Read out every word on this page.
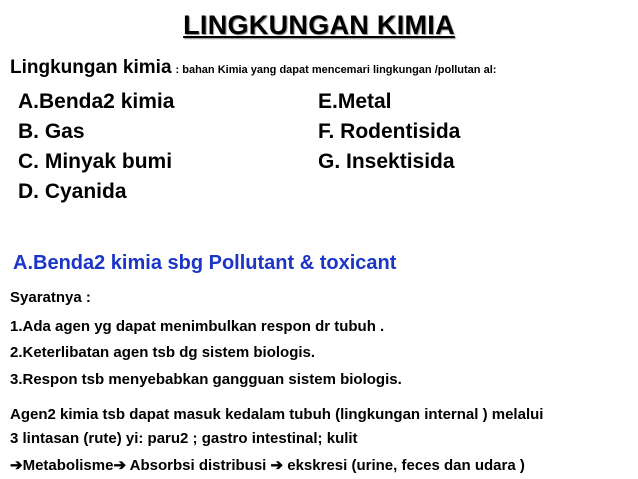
LINGKUNGAN KIMIA
Lingkungan kimia : bahan Kimia yang dapat mencemari lingkungan /pollutan al:
A.Benda2 kimia
B. Gas
C. Minyak bumi
D. Cyanida
E.Metal
F. Rodentisida
G. Insektisida
A.Benda2 kimia sbg Pollutant & toxicant
Syaratnya :
1.Ada agen yg dapat menimbulkan respon dr tubuh .
2.Keterlibatan agen tsb dg sistem biologis.
3.Respon tsb menyebabkan gangguan sistem biologis.
Agen2 kimia tsb dapat masuk kedalam tubuh (lingkungan internal ) melalui
3 lintasan (rute) yi: paru2 ; gastro intestinal; kulit
➔Metabolisme➔ Absorbsi distribusi ➔ ekskresi (urine, feces dan udara )
